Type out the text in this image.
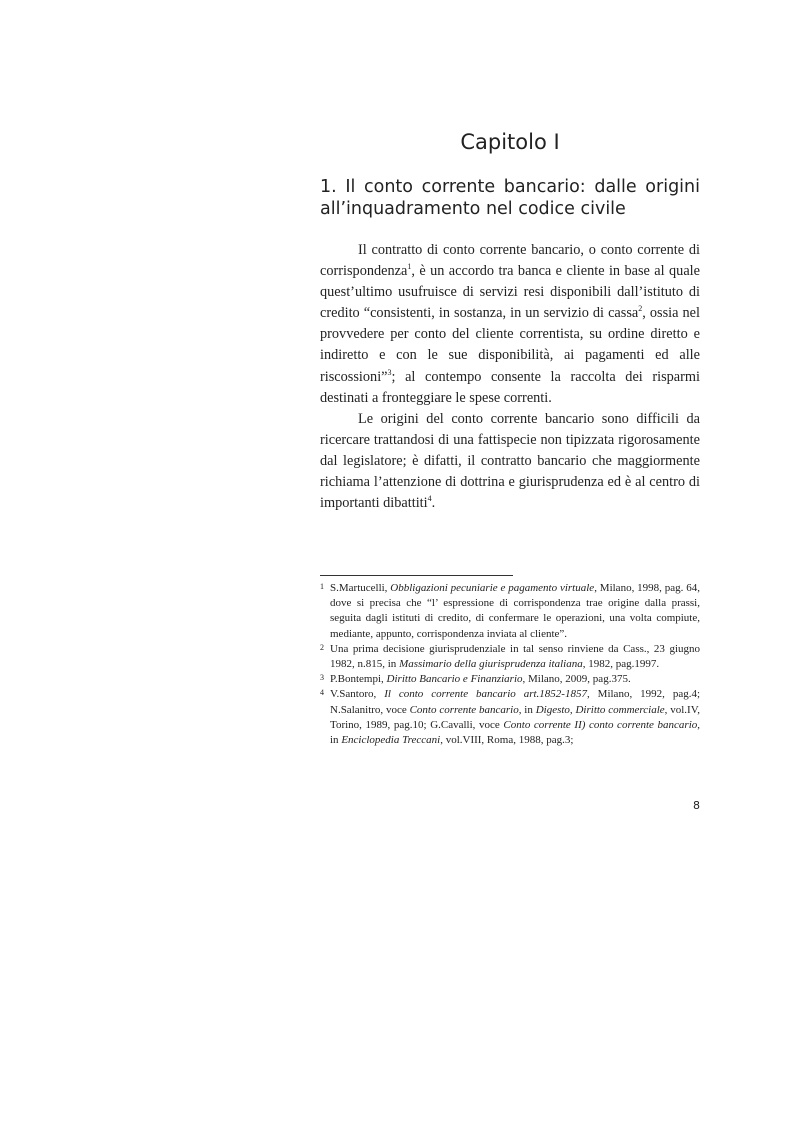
Capitolo I
1. Il conto corrente bancario: dalle origini all’inquadramento nel codice civile

Il contratto di conto corrente bancario, o conto corrente di corrispondenza$^1$, è un accordo tra banca e cliente in base al quale quest’ultimo usufruisce di servizi resi disponibili dall’istituto di credito “consistenti, in sostanza, in un servizio di cassa$^2$, ossia nel provvedere per conto del cliente correntista, su ordine diretto e indiretto e con le sue disponibilità, ai pagamenti ed alle riscossioni”$^3$; al contempo consente la raccolta dei risparmi destinati a fronteggiare le spese correnti.

Le origini del conto corrente bancario sono difficili da ricercare trattandosi di una fattispecie non tipizzata rigorosamente dal legislatore; è difatti, il contratto bancario che maggiormente richiama l’attenzione di dottrina e giurisprudenza ed è al centro di importanti dibattiti$^4$.

1 S.Martucelli, Obbligazioni pecuniarie e pagamento virtuale, Milano, 1998, pag. 64, dove si precisa che “l’ espressione di corrispondenza trae origine dalla prassi, seguita dagli istituti di credito, di confermare le operazioni, una volta compiute, mediante, appunto, corrispondenza inviata al cliente”.

2 Una prima decisione giurisprudenziale in tal senso rinviene da Cass., 23 giugno 1982, n.815, in Massimario della giurisprudenza italiana, 1982, pag.1997.

3 P.Bontempi, Diritto Bancario e Finanziario, Milano, 2009, pag.375.

4 V.Santoro, Il conto corrente bancario art.1852-1857, Milano, 1992, pag.4; N.Salanitro, voce Conto corrente bancario, in Digesto, Diritto commerciale, vol.IV, Torino, 1989, pag.10; G.Cavalli, voce Conto corrente II) conto corrente bancario, in Enciclopedia Treccani, vol.VIII, Roma, 1988, pag.3;

8
